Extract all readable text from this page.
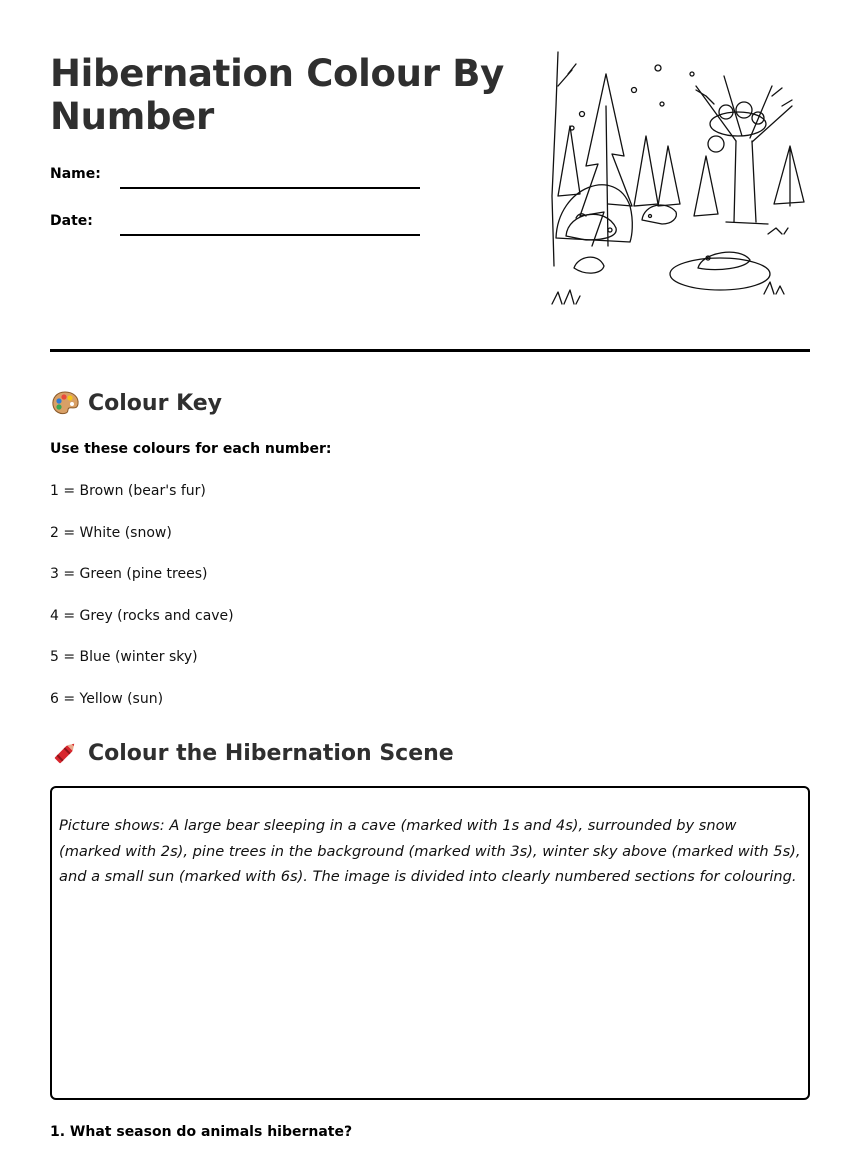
Hibernation Colour By Number
Name:
Date:
Colour Key
Use these colours for each number:
1 = Brown (bear's fur)
2 = White (snow)
3 = Green (pine trees)
4 = Grey (rocks and cave)
5 = Blue (winter sky)
6 = Yellow (sun)
Colour the Hibernation Scene

Picture shows: A large bear sleeping in a cave (marked with 1s and 4s), surrounded by snow (marked with 2s), pine trees in the background (marked with 3s), winter sky above (marked with 5s), and a small sun (marked with 6s). The image is divided into clearly numbered sections for colouring.

1. What season do animals hibernate?
